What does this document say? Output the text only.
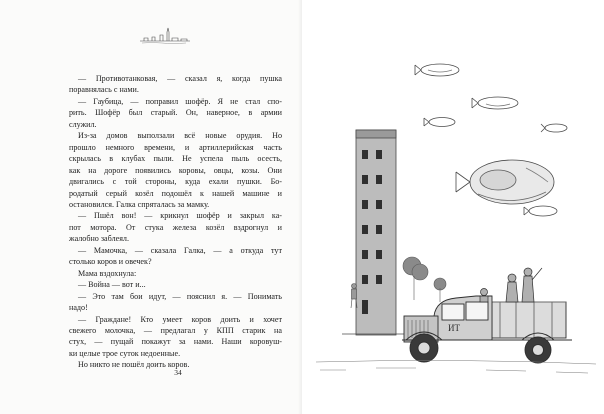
— Противотанковая, — сказал я, когда пушка

поравнялась с нами.

— Гаубица, — поправил шофёр. Я не стал спо-

рить. Шофёр был старый. Он, наверное, в армии

служил.

Из-за домов выползали всё новые орудия. Но

прошло немного времени, и артиллерийская часть

скрылась в клубах пыли. Не успела пыль осесть,

как на дороге появились коровы, овцы, козы. Они

двигались с той стороны, куда ехали пушки. Бо-

родатый серый козёл подошёл к нашей машине и

остановился. Галка спряталась за мамку.

— Пшёл вон! — крикнул шофёр и закрыл ка-

пот мотора. От стука железа козёл вздрогнул и

жалобно заблеял.

— Мамочка, — сказала Галка, — а откуда тут

столько коров и овечек?

Мама вздохнула:

— Война — вот и...

— Это там бои идут, — пояснил я. — Понимать

надо!

— Граждане! Кто умеет коров доить и хочет

свежего молочка, — предлагал у КПП старик на

стух, — пущай покажут за нами. Наши коровуш-

ки целые трое суток недоенные.

Но никто не пошёл доить коров.

34
ИТ
